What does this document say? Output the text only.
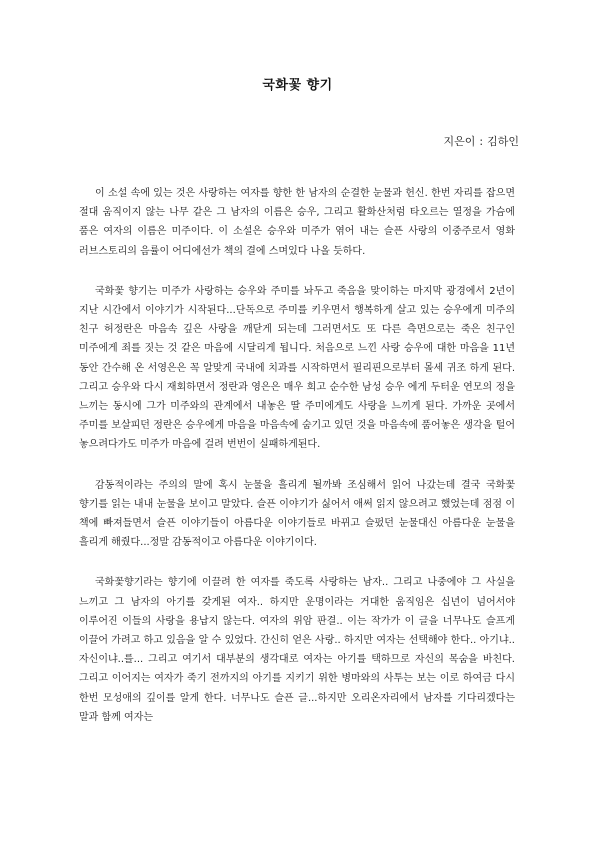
국화꽃 향기
지은이 : 김하인

이 소설 속에 있는 것은 사랑하는 여자를 향한 한 남자의 순결한 눈물과 헌신. 한번 자리를 잡으면 절대 움직이지 않는 나무 같은 그 남자의 이름은 승우, 그리고 활화산처럼 타오르는 열정을 가슴에 품은 여자의 이름은 미주이다. 이 소설은 승우와 미주가 엮어 내는 슬픈 사랑의 이중주로서 영화 러브스토리의 음률이 어디에선가 책의 결에 스며있다 나올 듯하다.

국화꽃 향기는 미주가 사랑하는 승우와 주미를 놔두고 죽음을 맞이하는 마지막 광경에서 2년이 지난 시간에서 이야기가 시작된다...단독으로 주미를 키우면서 행복하게 살고 있는 승우에게 미주의 친구 허정란은 마음속 깊은 사랑을 깨닫게 되는데 그러면서도 또 다른 측면으로는 죽은 친구인 미주에게 죄를 짓는 것 같은 마음에 시달리게 됩니다. 처음으로 느낀 사랑 승우에 대한 마음을 11년 동안 간수해 온 서영은은 꼭 알맞게 국내에 치과를 시작하면서 필리핀으로부터 몰세 귀조 하게 된다. 그리고 승우와 다시 재회하면서 정란과 영은은 매우 희고 순수한 남성 승우 에게 두터운 연모의 정을 느끼는 동시에 그가 미주와의 관계에서 내놓은 딸 주미에게도 사랑을 느끼게 된다. 가까운 곳에서 주미를 보살피던 정란은 승우에게 마음을 마음속에 숨기고 있던 것을 마음속에 품어놓은 생각을 털어 놓으려다가도 미주가 마음에 걸려 번번이 실패하게된다.

감동적이라는 주의의 말에 혹시 눈물을 흘리게 될까봐 조심해서 읽어 나갔는데 결국 국화꽃 향기를 읽는 내내 눈물을 보이고 말았다. 슬픈 이야기가 싫어서 애써 읽지 않으려고 했었는데 점점 이 책에 빠져들면서 슬픈 이야기들이 아름다운 이야기들로 바뀌고 슬펐던 눈물대신 아름다운 눈물을 흘리게 해줬다...정말 감동적이고 아름다운 이야기이다.

국화꽃향기라는 향기에 이끌려 한 여자를 죽도록 사랑하는 남자.. 그리고 나중에야 그 사실을 느끼고 그 남자의 아기를 갖게된 여자.. 하지만 운명이라는 거대한 움직임은 십년이 넘어서야 이루어진 이들의 사랑을 용납지 않는다. 여자의 위암 판결.. 이는 작가가 이 글을 너무나도 슬프게 이끌어 가려고 하고 있음을 알 수 있었다. 간신히 얻은 사랑.. 하지만 여자는 선택해야 한다.. 아기냐.. 자신이냐..를... 그리고 여기서 대부분의 생각대로 여자는 아기를 택하므로 자신의 목숨을 바친다. 그리고 이어지는 여자가 죽기 전까지의 아기를 지키기 위한 병마와의 사투는 보는 이로 하여금 다시 한번 모성애의 깊이를 알게 한다. 너무나도 슬픈 글...하지만 오리온자리에서 남자를 기다리겠다는 말과 함께 여자는
